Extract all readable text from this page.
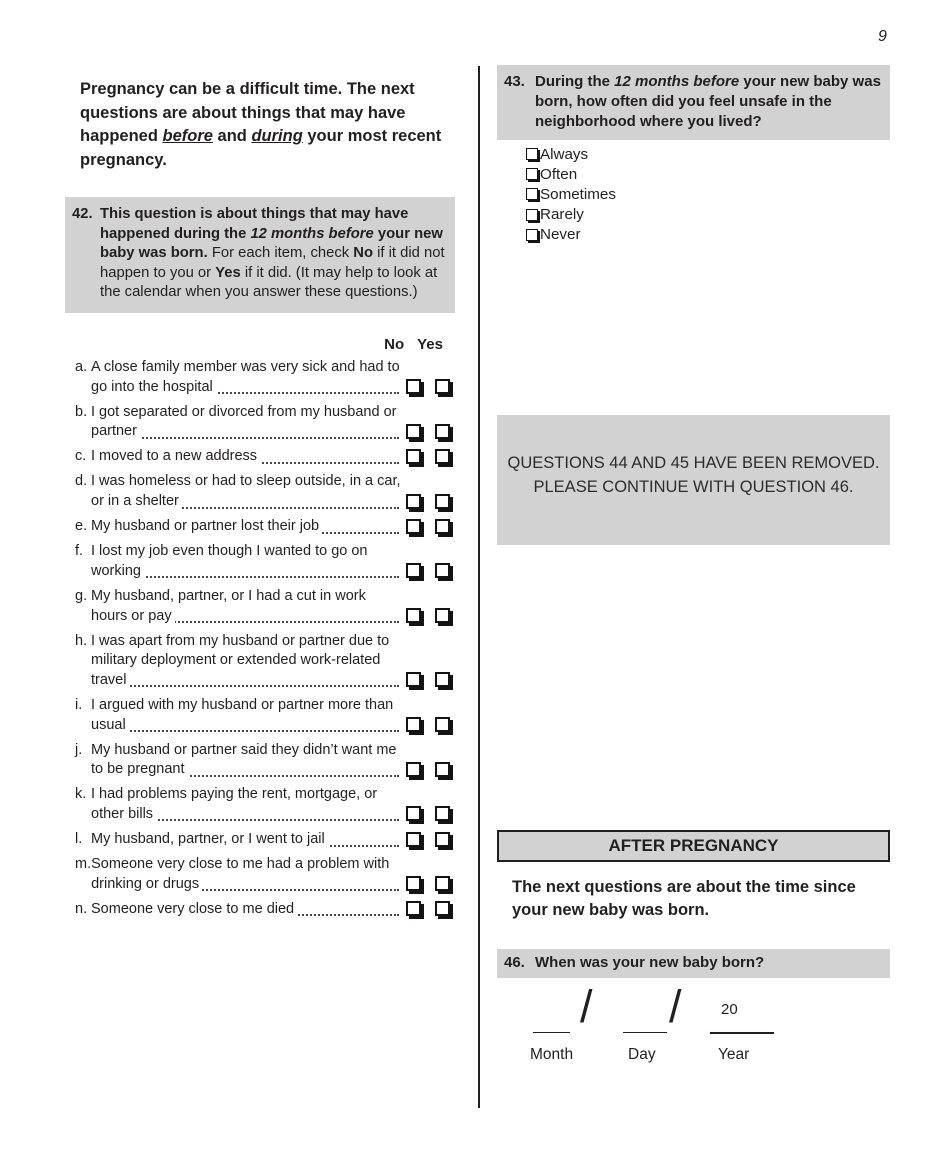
9

Pregnancy can be a difficult time. The next questions are about things that may have happened before and during your most recent pregnancy.

42. This question is about things that may have happened during the 12 months before your new baby was born. For each item, check No if it did not happen to you or Yes if it did. (It may help to look at the calendar when you answer these questions.)
No Yes
a. A close family member was very sick and had to go into the hospital
b. I got separated or divorced from my husband or partner
c. I moved to a new address
d. I was homeless or had to sleep outside, in a car, or in a shelter
e. My husband or partner lost their job
f. I lost my job even though I wanted to go on working
g. My husband, partner, or I had a cut in work hours or pay
h. I was apart from my husband or partner due to military deployment or extended work-related travel
i. I argued with my husband or partner more than usual
j. My husband or partner said they didn’t want me to be pregnant
k. I had problems paying the rent, mortgage, or other bills
l. My husband, partner, or I went to jail
m. Someone very close to me had a problem with drinking or drugs
n. Someone very close to me died
43. During the 12 months before your new baby was born, how often did you feel unsafe in the neighborhood where you lived?
Always
Often
Sometimes
Rarely
Never
QUESTIONS 44 AND 45 HAVE BEEN REMOVED.
PLEASE CONTINUE WITH QUESTION 46.
AFTER PREGNANCY

The next questions are about the time since your new baby was born.

46. When was your new baby born?
/ /	20
Month	Day	Year
